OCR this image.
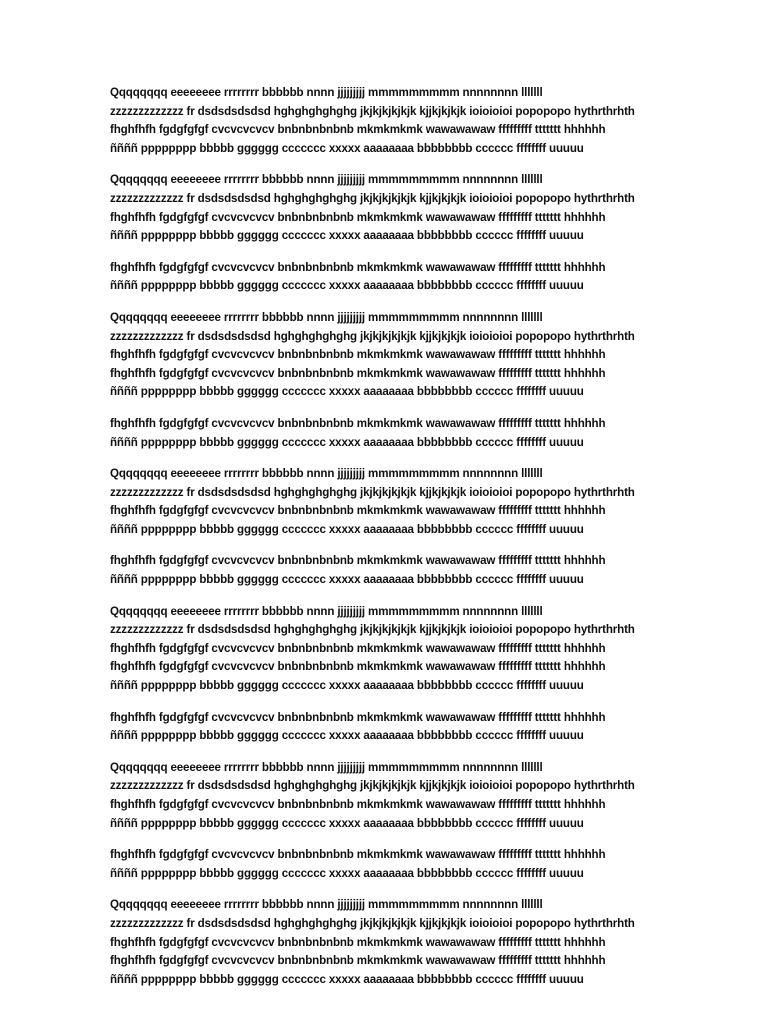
Qqqqqqqq eeeeeeee rrrrrrrr bbbbbb nnnn jjjjjjjjj mmmmmmmmm nnnnnnnn lllllll
zzzzzzzzzzzzz fr dsdsdsdsdsd hghghghghghg jkjkjkjkjkjk kjjkjkjkjk ioioioioi popopopo hythrthrhth
fhghfhfh fgdgfgfgf cvcvcvcvcv bnbnbnbnbnb mkmkmkmk wawawawaw fffffffff ttttttt hhhhhh
ññññ pppppppp bbbbb gggggg ccccccc xxxxx aaaaaaaa bbbbbbbb cccccc ffffffff uuuuu
Qqqqqqqq eeeeeeee rrrrrrrr bbbbbb nnnn jjjjjjjjj mmmmmmmmm nnnnnnnn lllllll
zzzzzzzzzzzzz fr dsdsdsdsdsd hghghghghghg jkjkjkjkjkjk kjjkjkjkjk ioioioioi popopopo hythrthrhth
fhghfhfh fgdgfgfgf cvcvcvcvcv bnbnbnbnbnb mkmkmkmk wawawawaw fffffffff ttttttt hhhhhh
ññññ pppppppp bbbbb gggggg ccccccc xxxxx aaaaaaaa bbbbbbbb cccccc ffffffff uuuuu
fhghfhfh fgdgfgfgf cvcvcvcvcv bnbnbnbnbnb mkmkmkmk wawawawaw fffffffff ttttttt hhhhhh
ññññ pppppppp bbbbb gggggg ccccccc xxxxx aaaaaaaa bbbbbbbb cccccc ffffffff uuuuu
Qqqqqqqq eeeeeeee rrrrrrrr bbbbbb nnnn jjjjjjjjj mmmmmmmmm nnnnnnnn lllllll
zzzzzzzzzzzzz fr dsdsdsdsdsd hghghghghghg jkjkjkjkjkjk kjjkjkjkjk ioioioioi popopopo hythrthrhth
fhghfhfh fgdgfgfgf cvcvcvcvcv bnbnbnbnbnb mkmkmkmk wawawawaw fffffffff ttttttt hhhhhh
fhghfhfh fgdgfgfgf cvcvcvcvcv bnbnbnbnbnb mkmkmkmk wawawawaw fffffffff ttttttt hhhhhh
ññññ pppppppp bbbbb gggggg ccccccc xxxxx aaaaaaaa bbbbbbbb cccccc ffffffff uuuuu
fhghfhfh fgdgfgfgf cvcvcvcvcv bnbnbnbnbnb mkmkmkmk wawawawaw fffffffff ttttttt hhhhhh
ññññ pppppppp bbbbb gggggg ccccccc xxxxx aaaaaaaa bbbbbbbb cccccc ffffffff uuuuu
Qqqqqqqq eeeeeeee rrrrrrrr bbbbbb nnnn jjjjjjjjj mmmmmmmmm nnnnnnnn lllllll
zzzzzzzzzzzzz fr dsdsdsdsdsd hghghghghghg jkjkjkjkjkjk kjjkjkjkjk ioioioioi popopopo hythrthrhth
fhghfhfh fgdgfgfgf cvcvcvcvcv bnbnbnbnbnb mkmkmkmk wawawawaw fffffffff ttttttt hhhhhh
ññññ pppppppp bbbbb gggggg ccccccc xxxxx aaaaaaaa bbbbbbbb cccccc ffffffff uuuuu
fhghfhfh fgdgfgfgf cvcvcvcvcv bnbnbnbnbnb mkmkmkmk wawawawaw fffffffff ttttttt hhhhhh
ññññ pppppppp bbbbb gggggg ccccccc xxxxx aaaaaaaa bbbbbbbb cccccc ffffffff uuuuu
Qqqqqqqq eeeeeeee rrrrrrrr bbbbbb nnnn jjjjjjjjj mmmmmmmmm nnnnnnnn lllllll
zzzzzzzzzzzzz fr dsdsdsdsdsd hghghghghghg jkjkjkjkjkjk kjjkjkjkjk ioioioioi popopopo hythrthrhth
fhghfhfh fgdgfgfgf cvcvcvcvcv bnbnbnbnbnb mkmkmkmk wawawawaw fffffffff ttttttt hhhhhh
fhghfhfh fgdgfgfgf cvcvcvcvcv bnbnbnbnbnb mkmkmkmk wawawawaw fffffffff ttttttt hhhhhh
ññññ pppppppp bbbbb gggggg ccccccc xxxxx aaaaaaaa bbbbbbbb cccccc ffffffff uuuuu
fhghfhfh fgdgfgfgf cvcvcvcvcv bnbnbnbnbnb mkmkmkmk wawawawaw fffffffff ttttttt hhhhhh
ññññ pppppppp bbbbb gggggg ccccccc xxxxx aaaaaaaa bbbbbbbb cccccc ffffffff uuuuu
Qqqqqqqq eeeeeeee rrrrrrrr bbbbbb nnnn jjjjjjjjj mmmmmmmmm nnnnnnnn lllllll
zzzzzzzzzzzzz fr dsdsdsdsdsd hghghghghghg jkjkjkjkjkjk kjjkjkjkjk ioioioioi popopopo hythrthrhth
fhghfhfh fgdgfgfgf cvcvcvcvcv bnbnbnbnbnb mkmkmkmk wawawawaw fffffffff ttttttt hhhhhh
ññññ pppppppp bbbbb gggggg ccccccc xxxxx aaaaaaaa bbbbbbbb cccccc ffffffff uuuuu
fhghfhfh fgdgfgfgf cvcvcvcvcv bnbnbnbnbnb mkmkmkmk wawawawaw fffffffff ttttttt hhhhhh
ññññ pppppppp bbbbb gggggg ccccccc xxxxx aaaaaaaa bbbbbbbb cccccc ffffffff uuuuu
Qqqqqqqq eeeeeeee rrrrrrrr bbbbbb nnnn jjjjjjjjj mmmmmmmmm nnnnnnnn lllllll
zzzzzzzzzzzzz fr dsdsdsdsdsd hghghghghghg jkjkjkjkjkjk kjjkjkjkjk ioioioioi popopopo hythrthrhth
fhghfhfh fgdgfgfgf cvcvcvcvcv bnbnbnbnbnb mkmkmkmk wawawawaw fffffffff ttttttt hhhhhh
fhghfhfh fgdgfgfgf cvcvcvcvcv bnbnbnbnbnb mkmkmkmk wawawawaw fffffffff ttttttt hhhhhh
ññññ pppppppp bbbbb gggggg ccccccc xxxxx aaaaaaaa bbbbbbbb cccccc ffffffff uuuuu
